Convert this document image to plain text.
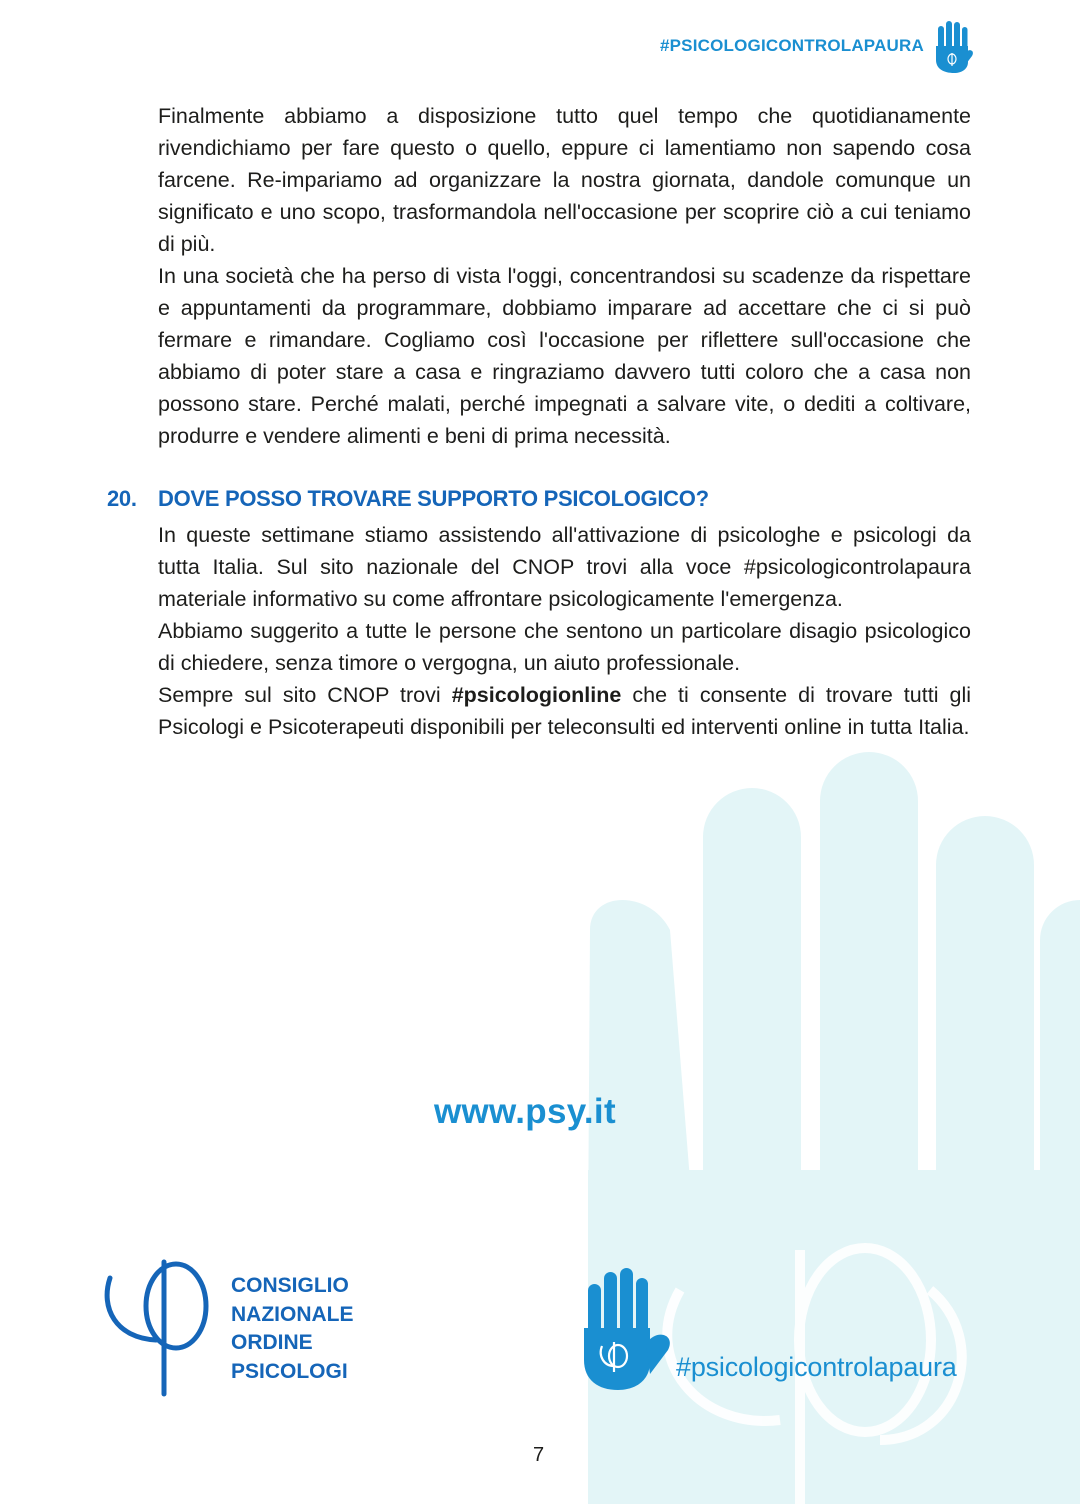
#PSICOLOGICONTROLAPAURA

Finalmente abbiamo a disposizione tutto quel tempo che quotidianamente rivendichiamo per fare questo o quello, eppure ci lamentiamo non sapendo cosa farcene. Re-impariamo ad organizzare la nostra giornata, dandole comunque un significato e uno scopo, trasformandola nell'occasione per scoprire ciò a cui teniamo di più.

In una società che ha perso di vista l'oggi, concentrandosi su scadenze da rispettare e appuntamenti da programmare, dobbiamo imparare ad accettare che ci si può fermare e rimandare. Cogliamo così l'occasione per riflettere sull'occasione che abbiamo di poter stare a casa e ringraziamo davvero tutti coloro che a casa non possono stare. Perché malati, perché impegnati a salvare vite, o dediti a coltivare, produrre e vendere alimenti e beni di prima necessità.

20. DOVE POSSO TROVARE SUPPORTO PSICOLOGICO?

In queste settimane stiamo assistendo all'attivazione di psicologhe e psicologi da tutta Italia. Sul sito nazionale del CNOP trovi alla voce #psicologicontrolapaura materiale informativo su come affrontare psicologicamente l'emergenza.

Abbiamo suggerito a tutte le persone che sentono un particolare disagio psicologico di chiedere, senza timore o vergogna, un aiuto professionale.

Sempre sul sito CNOP trovi #psicologionline che ti consente di trovare tutti gli Psicologi e Psicoterapeuti disponibili per teleconsulti ed interventi online in tutta Italia.

www.psy.it
CONSIGLIO
NAZIONALE
ORDINE
PSICOLOGI	#psicologicontrolapaura
7
